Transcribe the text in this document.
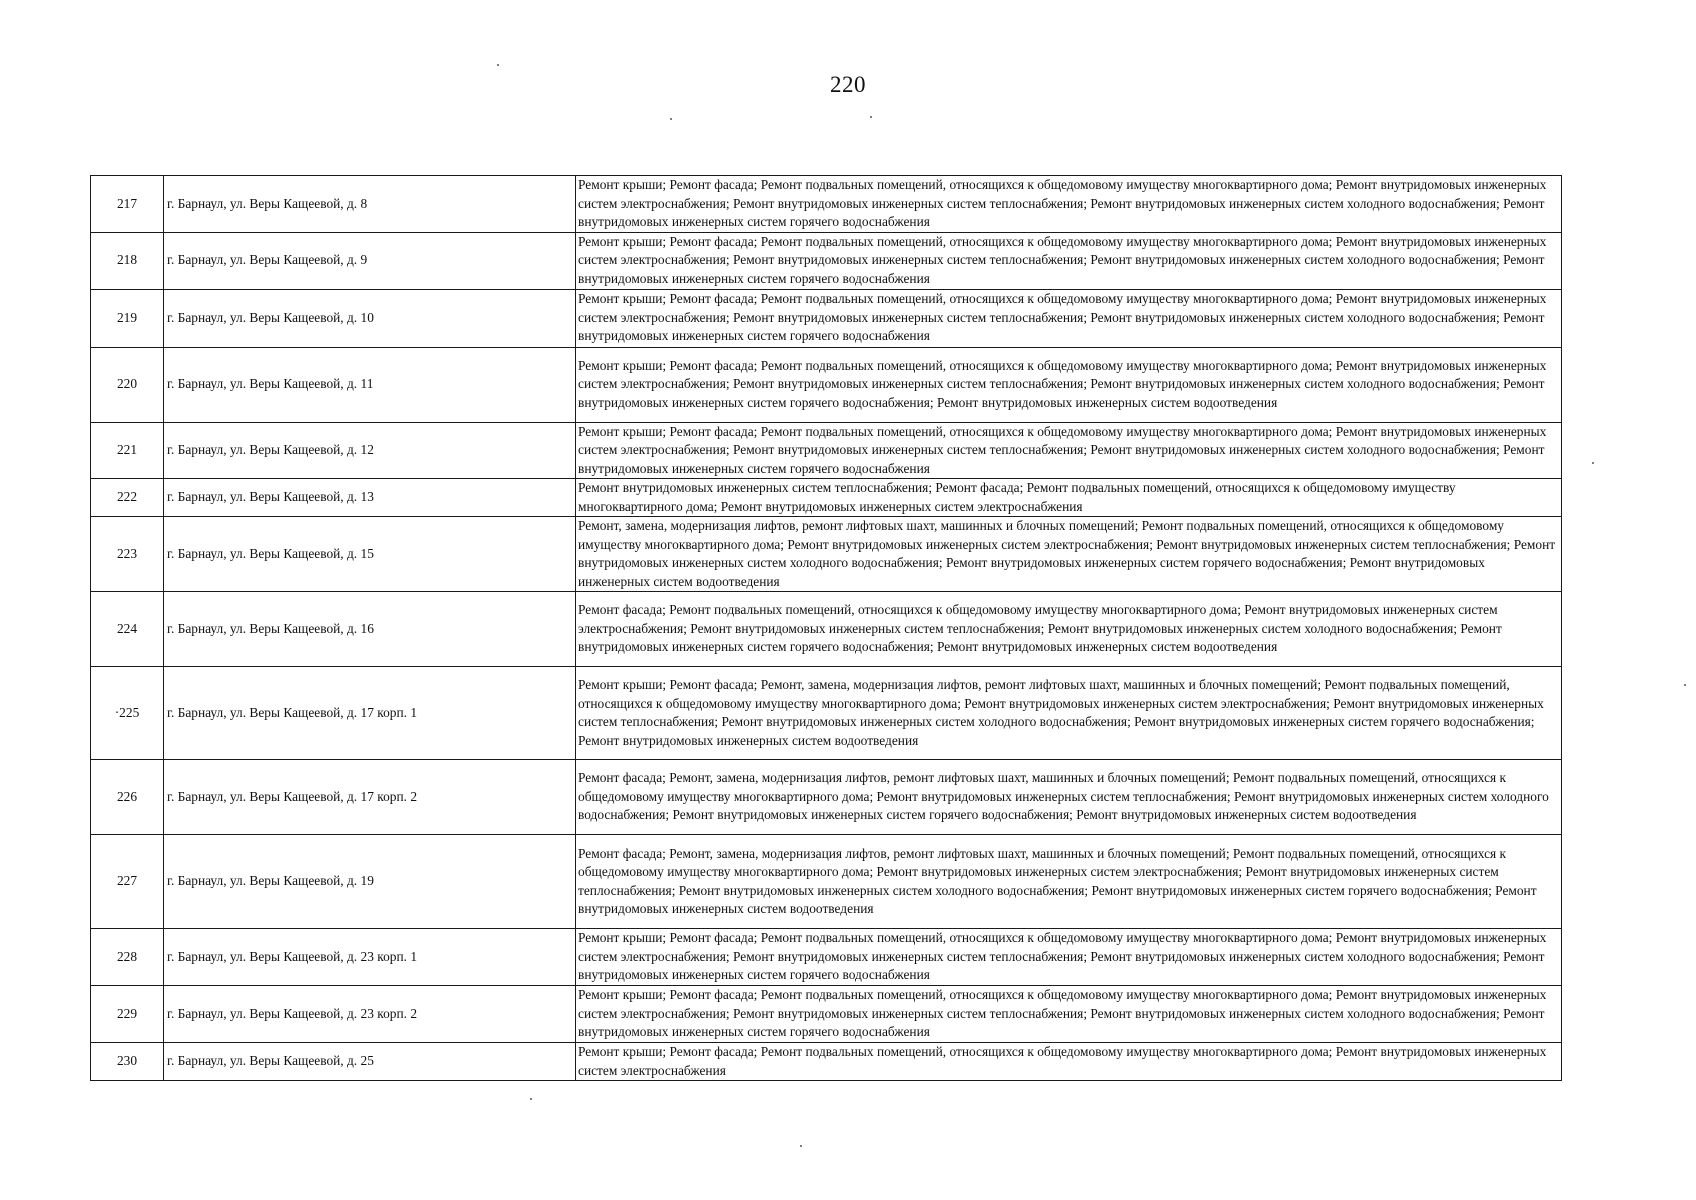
220
217	г. Барнаул, ул. Веры Кащеевой, д. 8	Ремонт крыши; Ремонт фасада; Ремонт подвальных помещений, относящихся к общедомовому имуществу многоквартирного дома; Ремонт внутридомовых инженерных систем электроснабжения; Ремонт внутридомовых инженерных систем теплоснабжения; Ремонт внутридомовых инженерных систем холодного водоснабжения; Ремонт внутридомовых инженерных систем горячего водоснабжения
218	г. Барнаул, ул. Веры Кащеевой, д. 9	Ремонт крыши; Ремонт фасада; Ремонт подвальных помещений, относящихся к общедомовому имуществу многоквартирного дома; Ремонт внутридомовых инженерных систем электроснабжения; Ремонт внутридомовых инженерных систем теплоснабжения; Ремонт внутридомовых инженерных систем холодного водоснабжения; Ремонт внутридомовых инженерных систем горячего водоснабжения
219	г. Барнаул, ул. Веры Кащеевой, д. 10	Ремонт крыши; Ремонт фасада; Ремонт подвальных помещений, относящихся к общедомовому имуществу многоквартирного дома; Ремонт внутридомовых инженерных систем электроснабжения; Ремонт внутридомовых инженерных систем теплоснабжения; Ремонт внутридомовых инженерных систем холодного водоснабжения; Ремонт внутридомовых инженерных систем горячего водоснабжения
220	г. Барнаул, ул. Веры Кащеевой, д. 11	Ремонт крыши; Ремонт фасада; Ремонт подвальных помещений, относящихся к общедомовому имуществу многоквартирного дома; Ремонт внутридомовых инженерных систем электроснабжения; Ремонт внутридомовых инженерных систем теплоснабжения; Ремонт внутридомовых инженерных систем холодного водоснабжения; Ремонт внутридомовых инженерных систем горячего водоснабжения; Ремонт внутридомовых инженерных систем водоотведения
221	г. Барнаул, ул. Веры Кащеевой, д. 12	Ремонт крыши; Ремонт фасада; Ремонт подвальных помещений, относящихся к общедомовому имуществу многоквартирного дома; Ремонт внутридомовых инженерных систем электроснабжения; Ремонт внутридомовых инженерных систем теплоснабжения; Ремонт внутридомовых инженерных систем холодного водоснабжения; Ремонт внутридомовых инженерных систем горячего водоснабжения
222	г. Барнаул, ул. Веры Кащеевой, д. 13	Ремонт внутридомовых инженерных систем теплоснабжения; Ремонт фасада; Ремонт подвальных помещений, относящихся к общедомовому имуществу многоквартирного дома; Ремонт внутридомовых инженерных систем электроснабжения
223	г. Барнаул, ул. Веры Кащеевой, д. 15	Ремонт, замена, модернизация лифтов, ремонт лифтовых шахт, машинных и блочных помещений; Ремонт подвальных помещений, относящихся к общедомовому имуществу многоквартирного дома; Ремонт внутридомовых инженерных систем электроснабжения; Ремонт внутридомовых инженерных систем теплоснабжения; Ремонт внутридомовых инженерных систем холодного водоснабжения; Ремонт внутридомовых инженерных систем горячего водоснабжения; Ремонт внутридомовых инженерных систем водоотведения
224	г. Барнаул, ул. Веры Кащеевой, д. 16	Ремонт фасада; Ремонт подвальных помещений, относящихся к общедомовому имуществу многоквартирного дома; Ремонт внутридомовых инженерных систем электроснабжения; Ремонт внутридомовых инженерных систем теплоснабжения; Ремонт внутридомовых инженерных систем холодного водоснабжения; Ремонт внутридомовых инженерных систем горячего водоснабжения; Ремонт внутридомовых инженерных систем водоотведения
·225	г. Барнаул, ул. Веры Кащеевой, д. 17 корп. 1	Ремонт крыши; Ремонт фасада; Ремонт, замена, модернизация лифтов, ремонт лифтовых шахт, машинных и блочных помещений; Ремонт подвальных помещений, относящихся к общедомовому имуществу многоквартирного дома; Ремонт внутридомовых инженерных систем электроснабжения; Ремонт внутридомовых инженерных систем теплоснабжения; Ремонт внутридомовых инженерных систем холодного водоснабжения; Ремонт внутридомовых инженерных систем горячего водоснабжения; Ремонт внутридомовых инженерных систем водоотведения
226	г. Барнаул, ул. Веры Кащеевой, д. 17 корп. 2	Ремонт фасада; Ремонт, замена, модернизация лифтов, ремонт лифтовых шахт, машинных и блочных помещений; Ремонт подвальных помещений, относящихся к общедомовому имуществу многоквартирного дома; Ремонт внутридомовых инженерных систем теплоснабжения; Ремонт внутридомовых инженерных систем холодного водоснабжения; Ремонт внутридомовых инженерных систем горячего водоснабжения; Ремонт внутридомовых инженерных систем водоотведения
227	г. Барнаул, ул. Веры Кащеевой, д. 19	Ремонт фасада; Ремонт, замена, модернизация лифтов, ремонт лифтовых шахт, машинных и блочных помещений; Ремонт подвальных помещений, относящихся к общедомовому имуществу многоквартирного дома; Ремонт внутридомовых инженерных систем электроснабжения; Ремонт внутридомовых инженерных систем теплоснабжения; Ремонт внутридомовых инженерных систем холодного водоснабжения; Ремонт внутридомовых инженерных систем горячего водоснабжения; Ремонт внутридомовых инженерных систем водоотведения
228	г. Барнаул, ул. Веры Кащеевой, д. 23 корп. 1	Ремонт крыши; Ремонт фасада; Ремонт подвальных помещений, относящихся к общедомовому имуществу многоквартирного дома; Ремонт внутридомовых инженерных систем электроснабжения; Ремонт внутридомовых инженерных систем теплоснабжения; Ремонт внутридомовых инженерных систем холодного водоснабжения; Ремонт внутридомовых инженерных систем горячего водоснабжения
229	г. Барнаул, ул. Веры Кащеевой, д. 23 корп. 2	Ремонт крыши; Ремонт фасада; Ремонт подвальных помещений, относящихся к общедомовому имуществу многоквартирного дома; Ремонт внутридомовых инженерных систем электроснабжения; Ремонт внутридомовых инженерных систем теплоснабжения; Ремонт внутридомовых инженерных систем холодного водоснабжения; Ремонт внутридомовых инженерных систем горячего водоснабжения
230	г. Барнаул, ул. Веры Кащеевой, д. 25	Ремонт крыши; Ремонт фасада; Ремонт подвальных помещений, относящихся к общедомовому имуществу многоквартирного дома; Ремонт внутридомовых инженерных систем электроснабжения
